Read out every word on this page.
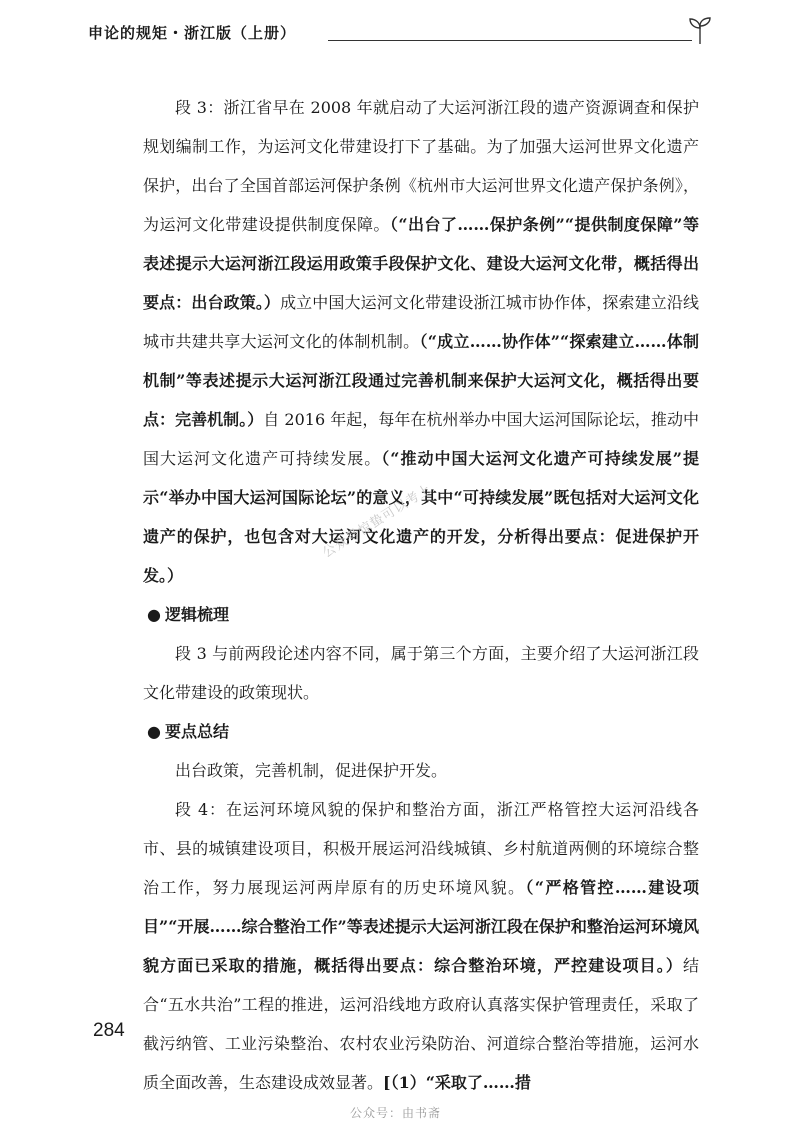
申论的规矩・浙江版（上册）

段 3：浙江省早在 2008 年就启动了大运河浙江段的遗产资源调查和保护规划编制工作，为运河文化带建设打下了基础。为了加强大运河世界文化遗产保护，出台了全国首部运河保护条例《杭州市大运河世界文化遗产保护条例》，为运河文化带建设提供制度保障。（“出台了……保护条例”“提供制度保障”等表述提示大运河浙江段运用政策手段保护文化、建设大运河文化带，概括得出要点：出台政策。）成立中国大运河文化带建设浙江城市协作体，探索建立沿线城市共建共享大运河文化的体制机制。（“成立……协作体”“探索建立……体制机制”等表述提示大运河浙江段通过完善机制来保护大运河文化，概括得出要点：完善机制。）自 2016 年起，每年在杭州举办中国大运河国际论坛，推动中国大运河文化遗产可持续发展。（“推动中国大运河文化遗产可持续发展”提示“举办中国大运河国际论坛”的意义，其中“可持续发展”既包括对大运河文化遗产的保护，也包含对大运河文化遗产的开发，分析得出要点：促进保护开发。）

● 逻辑梳理

段 3 与前两段论述内容不同，属于第三个方面，主要介绍了大运河浙江段文化带建设的政策现状。

● 要点总结

出台政策，完善机制，促进保护开发。

段 4：在运河环境风貌的保护和整治方面，浙江严格管控大运河沿线各市、县的城镇建设项目，积极开展运河沿线城镇、乡村航道两侧的环境综合整治工作，努力展现运河两岸原有的历史环境风貌。（“严格管控……建设项目”“开展……综合整治工作”等表述提示大运河浙江段在保护和整治运河环境风貌方面已采取的措施，概括得出要点：综合整治环境，严控建设项目。）结合“五水共治”工程的推进，运河沿线地方政府认真落实保护管理责任，采取了截污纳管、工业污染整治、农村农业污染防治、河道综合整治等措施，运河水质全面改善，生态建设成效显著。[（1）“采取了……措

公众号惊蛰可以考上
284
公众号：由书斋
